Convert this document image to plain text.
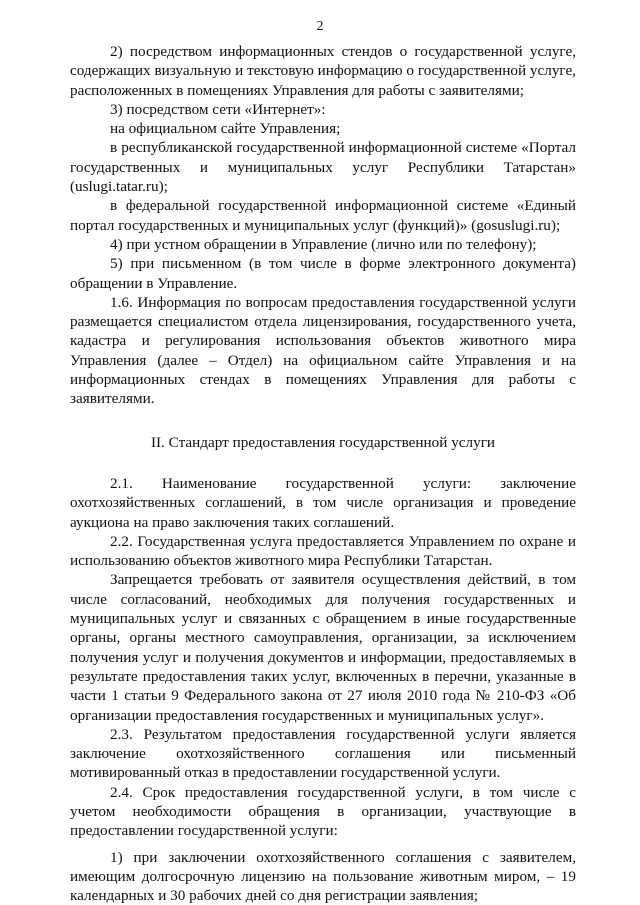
2

2) посредством информационных стендов о государственной услуге, содержащих визуальную и текстовую информацию о государственной услуге, расположенных в помещениях Управления для работы с заявителями;

3) посредством сети «Интернет»:

на официальном сайте Управления;

в республиканской государственной информационной системе «Портал государственных и муниципальных услуг Республики Татарстан» (uslugi.tatar.ru);

в федеральной государственной информационной системе «Единый портал государственных и муниципальных услуг (функций)» (gosuslugi.ru);

4) при устном обращении в Управление (лично или по телефону);

5) при письменном (в том числе в форме электронного документа) обращении в Управление.

1.6. Информация по вопросам предоставления государственной услуги размещается специалистом отдела лицензирования, государственного учета, кадастра и регулирования использования объектов животного мира Управления (далее – Отдел) на официальном сайте Управления и на информационных стендах в помещениях Управления для работы с заявителями.

II. Стандарт предоставления государственной услуги

2.1. Наименование государственной услуги: заключение охотхозяйственных соглашений, в том числе организация и проведение аукциона на право заключения таких соглашений.

2.2. Государственная услуга предоставляется Управлением по охране и использованию объектов животного мира Республики Татарстан.

Запрещается требовать от заявителя осуществления действий, в том числе согласований, необходимых для получения государственных и муниципальных услуг и связанных с обращением в иные государственные органы, органы местного самоуправления, организации, за исключением получения услуг и получения документов и информации, предоставляемых в результате предоставления таких услуг, включенных в перечни, указанные в части 1 статьи 9 Федерального закона от 27 июля 2010 года № 210-ФЗ «Об организации предоставления государственных и муниципальных услуг».

2.3. Результатом предоставления государственной услуги является заключение охотхозяйственного соглашения или письменный мотивированный отказ в предоставлении государственной услуги.

2.4. Срок предоставления государственной услуги, в том числе с учетом необходимости обращения в организации, участвующие в предоставлении государственной услуги:

1) при заключении охотхозяйственного соглашения с заявителем, имеющим долгосрочную лицензию на пользование животным миром, – 19 календарных и 30 рабочих дней со дня регистрации заявления;
